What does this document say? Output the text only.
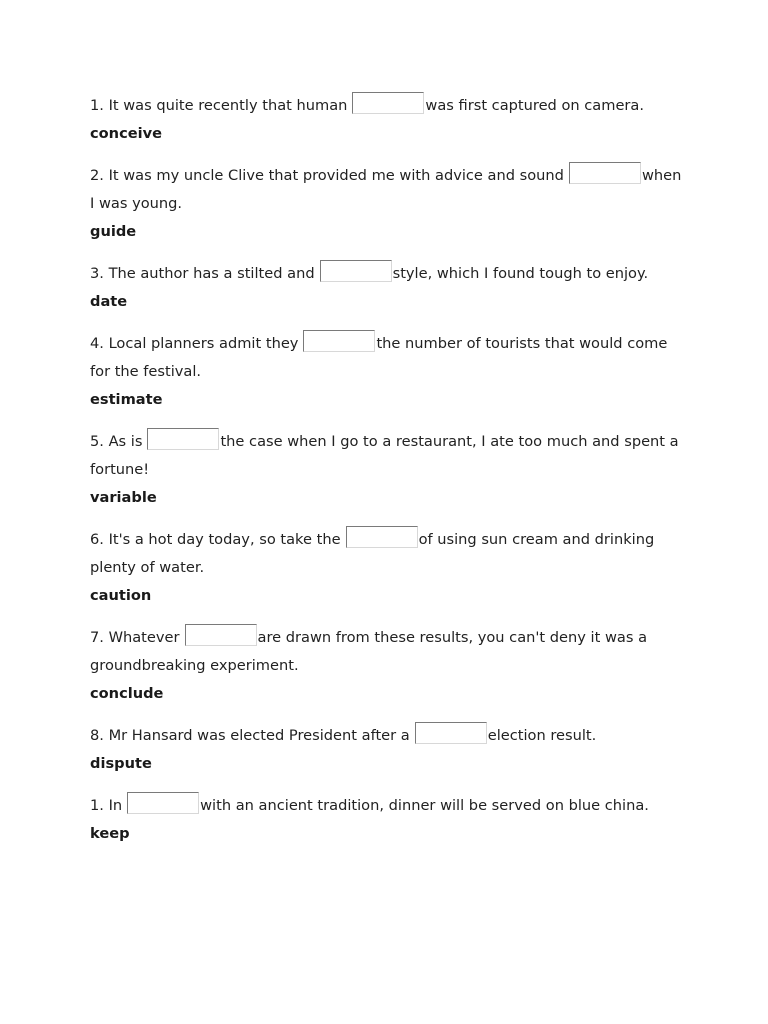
1. It was quite recently that human	was first captured on camera.
conceive
2. It was my uncle Clive that provided me with advice and sound	when I was young.
guide
3. The author has a stilted and	style, which I found tough to enjoy.
date
4. Local planners admit they	the number of tourists that would come for the festival.
estimate
5. As is	the case when I go to a restaurant, I ate too much and spent a fortune!
variable
6. It's a hot day today, so take the	of using sun cream and drinking plenty of water.
caution
7. Whatever	are drawn from these results, you can't deny it was a groundbreaking experiment.
conclude
8. Mr Hansard was elected President after a	election result.
dispute
1. In	with an ancient tradition, dinner will be served on blue china.
keep
